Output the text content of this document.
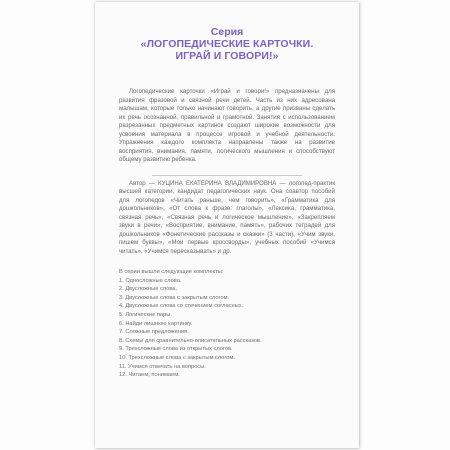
Серия
«ЛОГОПЕДИЧЕСКИЕ КАРТОЧКИ.
ИГРАЙ И ГОВОРИ!»

Логопедические карточки «Играй и говори!» предназначены для развития фразовой и связной речи детей. Часть из них адресована малышам, которые только начинают говорить, а другие призваны сделать их речь осознанной, правильной и грамотной. Занятия с использованием разрезанных предметных картинок создают широкие возможности для усвоения материала в процессе игровой и учебной деятельности. Упражнения каждого комплекта направлены также на развитие восприятия, внимания, памяти, логического мышления и способствуют общему развитию ребенка.

Автор — КУЦИНА ЕКАТЕРИНА ВЛАДИМИРОВНА — логопед-практик высшей категории, кандидат педагогических наук. Она соавтор пособий для логопедов «Читать раньше, чем говорить», «Грамматика для дошкольников», «От слова к фразе: глаголы», «Лексика, грамматика, связная речь», «Связная речь и логическое мышление», «Закрепляем звуки в речи», «Восприятие, внимание, память», рабочих тетрадей для дошкольников «Фонетические рассказы и сказки» (3 части), «Учим звуки, пишем буквы», «Мои первые кроссворды», учебных пособий «Учимся читать», «Учимся пересказывать» и др.

В серии вышли следующие комплекты:
1. Односложные слова.
2. Двусложные слова.
3. Двусложные слова с закрытым слогом.
4. Двусложные слова со стечением согласных.
5. Логические пары.
6. Найди лишнюю картинку.
7. Сложные предложения.
8. Схемы для сравнительно-описательных рассказов.
9. Трехсложные слова из открытых слогов.
10. Трехсложные слова с закрытым слогом.
11. Учимся отвечать на вопросы.
12. Читаем, понимаем.
